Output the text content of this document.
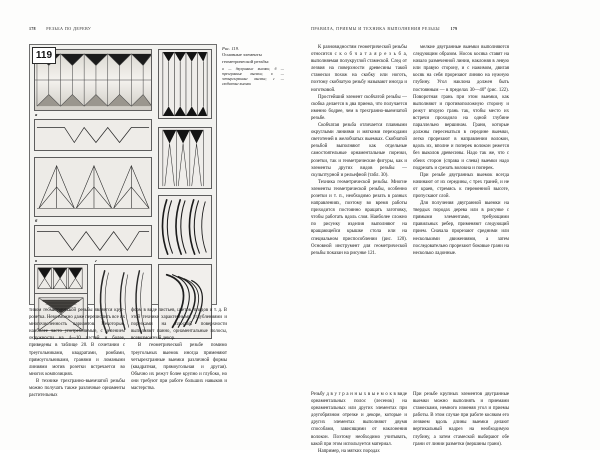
178	РЕЗЬБА ПО ДЕРЕВУ	ПРАВИЛА, ПРИЕМЫ И ТЕХНИКА ВЫПОЛНЕНИЯ РЕЗЬБЫ	179
119
а
б
в	г
Рис. 119.
Основные элементы геометрической резьбы:
а — двугранные выемки; б — трехгранные выемки; в — четырехгранные выемки; г — скобчатые выемки

тивом геометрической резьбы является круг-розетка. Невозможно даже перечислить все их многочисленность вариантов. Некоторые, наиболее часто употребляемые, с делением окружности на 4—10 частей и более, приведены в таблице 20. В сочетании с треугольниками, квадратами, ромбами, прямоугольниками, гранями и ломаными линиями мотив розетки встречается во многих композициях.

В технике трехгранно-выемчатой резьбы можно получать также различные орнаменты растительных

форм в виде листьев, цветов, плодов и т. д. В этой технике характерными углублениями и порезками на плоской поверхности выполняют панно, орнаментальные полосы, всевозможный декор.

В геометрической резьбе помимо треугольных выемок иногда применяют четырехгранные выемки различной формы (квадратная, прямоугольная и другая). Обычно их режут более крупно и глубоко, но они требуют при работе больших навыков и мастерства.

К разновидностям геометрической резьбы относится с к о б ч а т а я р е з ь б а, выполняемая полукруглой стамеской. След от лезвия на поверхности древесины такой стамески похож на скобку или ноготь, поэтому скобчатую резьбу называют иногда и ноготковой.

Простейший элемент скобчатой резьбы — скобка делается в два приема, что получается именно бодрее, чем в трехгранно-выемчатой резьбе.

Скобчатая резьба отличается плавными округлыми линиями и мягкими переходами светотеней в желобчатых выемках. Скобчатой резьбой выполняют как отдельные самостоятельные орнаментальные порезки, розетки, так и геометрические фигуры, как и элементы других видов резьбы — скульптурной и рельефной (табл. 30).

Техника геометрической резьбы. Многие элементы геометрической резьбы, особенно розетки и т. п., необходимо резать в разных направлениях, поэтому во время работы приходится постоянно вращать заготовку, чтобы работать вдоль слоя. Наиболее сложно по рисунку изделия выполняют на вращающейся крышке стола или на специальном приспособлении (рис. 120). Основной инструмент для геометрической резьбы показан на рисунке 121.

мелкие двугранные выемки выполняются следующим образом. Носок косяка ставят на начало размеченной линии, наклоняя в левую или правую сторону, и с нажимом, двигая косяк на себя прорезают линию на нужную глубину. Угол наклона должен быть постоянным — в пределах 30—40° (рис. 122). Поворотная грань при этом выемки, как выполняют и противоположную сторону и режут вторую грань так, чтобы место их встречи проходило на одной глубине параллельно вершинам. Грани, которые должны пересекаться в середине выемки, легко прорезают в направлении волокон, вдоль их, вполне и поперек волокон режется без выколов древесины. Надо так же, что с обеих сторон (справа и слева) выемки надо подрезать и срезать волокна и поперек.

При резьбе двугранных выемок всегда начинают от их середины, с трех граней, и не от краев, стремясь к переменной высоте, пропускают слой.

Для получения двугранной выемки на твердых породах дерева или в рисунке с прямыми элементами, требующими правильных ребер, применяют следующий прием. Сначала прорезают средними или несколькими движениями, а затем последовательно прорезают боковые грани на несколько ладонные.

Резьбу д в у г р а н н ы х в ы е м о к в виде орнаментальных полос (лесенок) на орнаментальных или других элементах при доугобрязном отрезке и декоре, которые и других элементах выполняют двумя способами, зависящими от наклонения волокон. Поэтому необходимо учитывать, какой при этом используется материал.

Например, на мягких породах

При резьбе крупных элементов двугранные выемки можно выполнять и приемами стамесками, немного изменяя угол и приемы работы. В этом случае при работе косяком его лезвием вдоль длины выемки делают вертикальный надрез на необходимую глубину, а затем стамеской выбирают обе грани от линии разметки (вершины грани).
